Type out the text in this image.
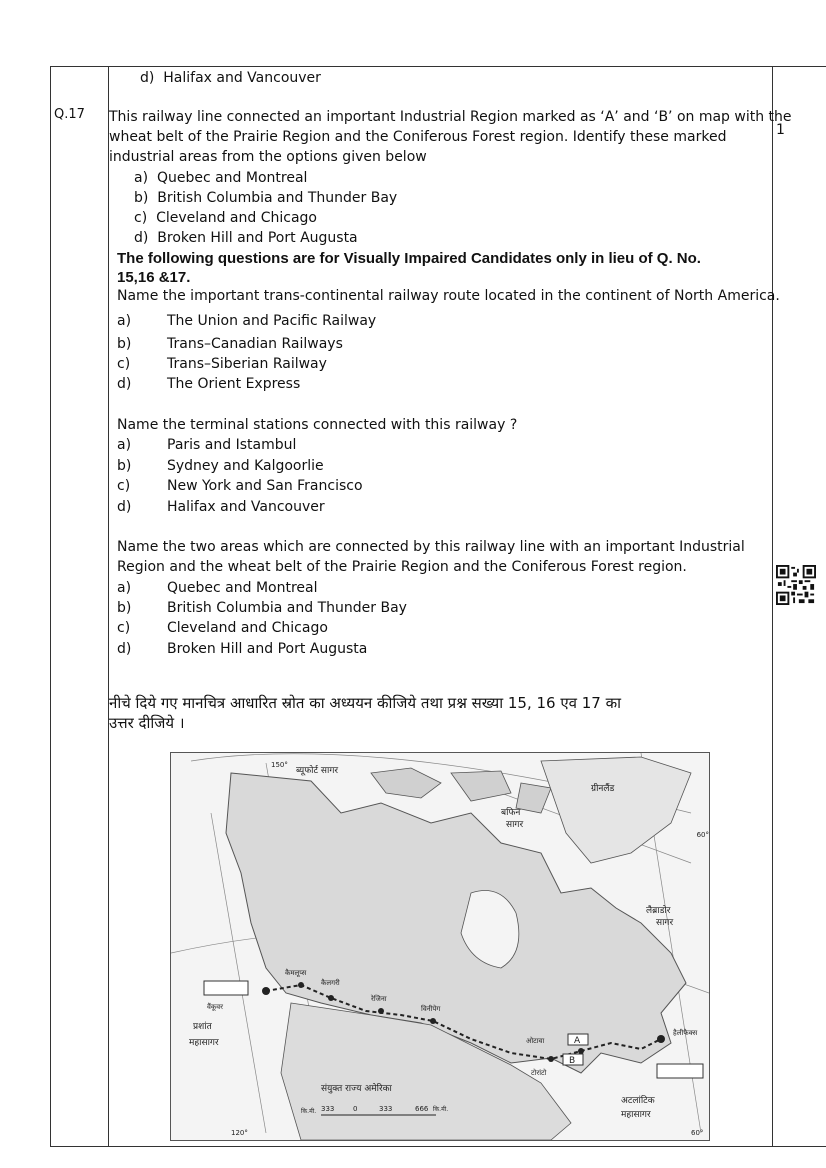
d) Halifax and Vancouver
Q.17
1
This railway line connected an important Industrial Region marked as ‘A’ and ‘B’ on map with the
wheat belt of the Prairie Region and the Coniferous Forest region. Identify these marked
industrial areas from the options given below
a) Quebec and Montreal
b) British Columbia and Thunder Bay
c) Cleveland and Chicago
d) Broken Hill and Port Augusta
The following questions are for Visually Impaired Candidates only in lieu of Q. No.
15,16 &17.
Name the important trans-continental railway route located in the continent of North America.
a)	The Union and Pacific Railway
b)	Trans–Canadian Railways
c)	Trans–Siberian Railway
d)	The Orient Express
Name the terminal stations connected with this railway ?
a)	Paris and Istambul
b)	Sydney and Kalgoorlie
c)	New York and San Francisco
d)	Halifax and Vancouver
Name the two areas which are connected by this railway line with an important Industrial
Region and the wheat belt of the Prairie Region and the Coniferous Forest region.
a)	Quebec and Montreal
b)	British Columbia and Thunder Bay
c)	Cleveland and Chicago
d)	Broken Hill and Port Augusta
नीचे दिये गए मानचित्र आधारित स्रोत का अध्ययन कीजिये तथा प्रश्न सख्या 15, 16 एव 17 का
उत्तर दीजिये ।
ब्यूफोर्ट सागर
बफिन
सागर
ग्रीनलैंड
लैब्राडोर
सागर
प्रशांत
महासागर
अटलांटिक
महासागर
संयुक्त राज्य अमेरिका
वैंकूवर
कैमलूप्स
कैलगरी
रेजिना
विनीपेग
टोरांटो
ओटावा
हैलीफैक्स
A
B
150°
120°
60°
60°
कि.मी. 333	0	333	666 कि.मी.
